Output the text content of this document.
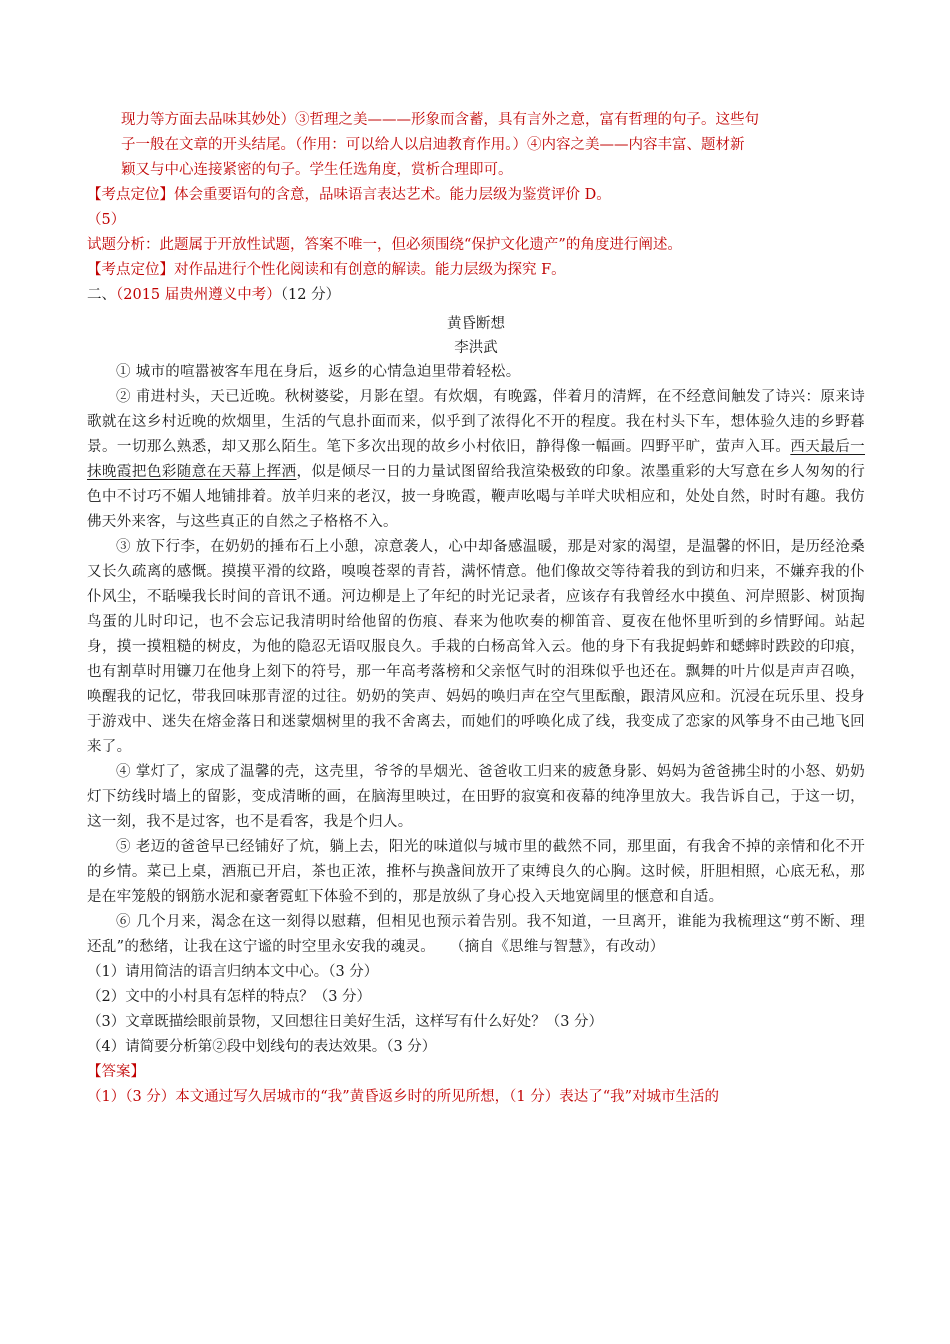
现力等方面去品味其妙处）③哲理之美———形象而含蓄，具有言外之意，富有哲理的句子。这些句
子一般在文章的开头结尾。（作用：可以给人以启迪教育作用。）④内容之美——内容丰富、题材新
颖又与中心连接紧密的句子。学生任选角度，赏析合理即可。
【考点定位】体会重要语句的含意，品味语言表达艺术。能力层级为鉴赏评价 D。
（5）
试题分析：此题属于开放性试题，答案不唯一，但必须围绕“保护文化遗产”的角度进行阐述。
【考点定位】对作品进行个性化阅读和有创意的解读。能力层级为探究 F。
二、（2015 届贵州遵义中考）（12 分）
黄昏断想
李洪武
① 城市的喧嚣被客车甩在身后，返乡的心情急迫里带着轻松。
② 甫进村头，天已近晚。秋树婆娑，月影在望。有炊烟，有晚露，伴着月的清辉，在不经意间触发了诗兴：原来诗歌就在这乡村近晚的炊烟里，生活的气息扑面而来，似乎到了浓得化不开的程度。我在村头下车，想体验久违的乡野暮景。一切那么熟悉，却又那么陌生。笔下多次出现的故乡小村依旧，静得像一幅画。四野平旷，萤声入耳。西天最后一抹晚霞把色彩随意在天幕上挥洒，似是倾尽一日的力量试图留给我渲染极致的印象。浓墨重彩的大写意在乡人匆匆的行色中不讨巧不媚人地铺排着。放羊归来的老汉，披一身晚霞，鞭声吆喝与羊咩犬吠相应和，处处自然，时时有趣。我仿佛天外来客，与这些真正的自然之子格格不入。
③ 放下行李，在奶奶的捶布石上小憩，凉意袭人，心中却备感温暖，那是对家的渴望，是温馨的怀旧，是历经沧桑又长久疏离的感慨。摸摸平滑的纹路，嗅嗅苍翠的青苔，满怀情意。他们像故交等待着我的到访和归来，不嫌弃我的仆仆风尘，不聒噪我长时间的音讯不通。河边柳是上了年纪的时光记录者，应该存有我曾经水中摸鱼、河岸照影、树顶掏鸟蛋的儿时印记，也不会忘记我清明时给他留的伤痕、春来为他吹奏的柳笛音、夏夜在他怀里听到的乡情野闻。站起身，摸一摸粗糙的树皮，为他的隐忍无语叹服良久。手栽的白杨高耸入云。他的身下有我捉蚂蚱和蟋蟀时跌跤的印痕，也有割草时用镰刀在他身上刻下的符号，那一年高考落榜和父亲怄气时的泪珠似乎也还在。飘舞的叶片似是声声召唤，唤醒我的记忆，带我回味那青涩的过往。奶奶的笑声、妈妈的唤归声在空气里酝酿，跟清风应和。沉浸在玩乐里、投身于游戏中、迷失在熔金落日和迷蒙烟树里的我不舍离去，而她们的呼唤化成了线，我变成了恋家的风筝身不由己地飞回来了。
④ 掌灯了，家成了温馨的壳，这壳里，爷爷的旱烟光、爸爸收工归来的疲惫身影、妈妈为爸爸拂尘时的小怒、奶奶灯下纺线时墙上的留影，变成清晰的画，在脑海里映过，在田野的寂寞和夜幕的纯净里放大。我告诉自己，于这一切，这一刻，我不是过客，也不是看客，我是个归人。
⑤ 老迈的爸爸早已经铺好了炕，躺上去，阳光的味道似与城市里的截然不同，那里面，有我舍不掉的亲情和化不开的乡情。菜已上桌，酒瓶已开启，茶也正浓，推杯与换盏间放开了束缚良久的心胸。这时候，肝胆相照，心底无私，那是在牢笼般的钢筋水泥和豪奢霓虹下体验不到的，那是放纵了身心投入天地宽阔里的惬意和自适。
⑥ 几个月来，渴念在这一刻得以慰藉，但相见也预示着告别。我不知道，一旦离开，谁能为我梳理这“剪不断、理还乱”的愁绪，让我在这宁谧的时空里永安我的魂灵。 （摘自《思维与智慧》，有改动）
（1）请用简洁的语言归纳本文中心。（3 分）
（2）文中的小村具有怎样的特点？（3 分）
（3）文章既描绘眼前景物，又回想往日美好生活，这样写有什么好处？（3 分）
（4）请简要分析第②段中划线句的表达效果。（3 分）
【答案】
（1）（3 分）本文通过写久居城市的“我”黄昏返乡时的所见所想，（1 分）表达了“我”对城市生活的
